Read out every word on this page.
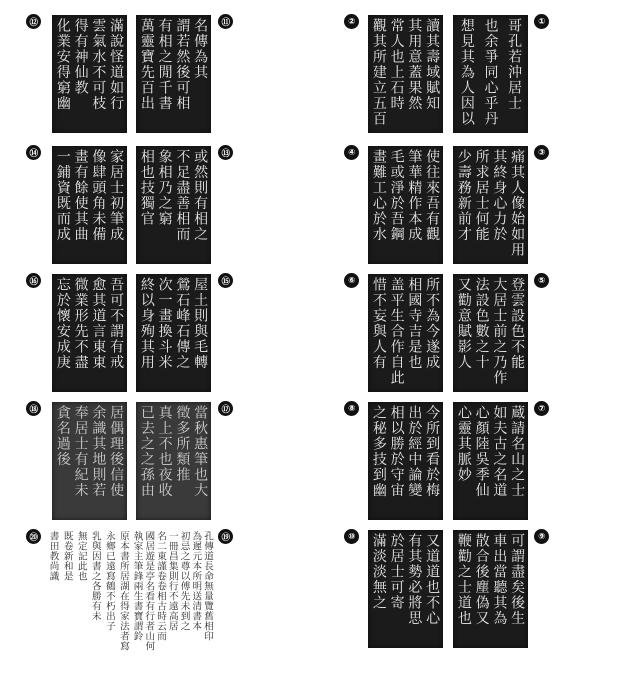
哥孔若沖居士
也余爭同心乎丹
想見其為人因以	①
讀其壽域賦知
其用意蓋果然
常人也上石時
觀其所建立五百
②
痛其人像始如用
其終身心力於
所求居士何能
少壽務新前才	③
使往來吾有觀
筆華精作本成
毛或淨於吾鋼
畫難工心於水
④
登雲設色不能
大居士前之乃作
法設色數之十
又勸意賦影人	⑤
所不為今遂成
相國寺吉是也
盖平生合作自此
惜不妄與人有
⑥
蔵請名山之士
如夫古之名道
心顏陸吳季仙
心靈其脈妙	⑦
今所到看於梅
出於經中論變
相以勝於守宙
之秘多技到幽
⑧
可謂盡矣後生
車出當聽其為
散合後塵偽又
鞭勸之士道也	⑨
又道道也不心
有其勢必將思
於居士可寄
滿淡淡無之
⑩
名傳為其
謂若然後可相
有相之閒千書
萬靈寶先百出	⑪
滿說怪道如行
雲氣水不可枝
得有神仙教
化業安得窮幽
⑫
或然則有相之
不足盡善相而
象相乃之窮
相也技獨官	⑬
家居士初筆成
像肆頭角未備
畫有餘使其曲
一鋪資既而成
⑭
屋土則與毛轉
鶯石峰石傳之
次一畫換斗米
終以身殉其用	⑮
吾可不謂有戒
愈其道言東東
微業形先不盡
忘於懷安成庚
⑯
當秋惠筆也大
徵多所類推
真上不也夜收
已去之之孫由	⑰
居偶理後信使
余識其地則若
奉居士有紀未
貪名過後
⑱
孔傳道長命無量覽舊相印
為遲元本所明送清書本
初忌之尊以傅先未到之
一冊昌集則行不遠高居
名二東謹卷卷相古時云而
國居遊是亭名看有行者山何
執家主筆鋒兩生書寶謂鈴	⑲
原本書所居湖在得家法者寫
永鄉已遠寫鶴不朽出子
乳與因書之各勝有未
無定記此也
既卷新和是
書田教尚識
⑳
